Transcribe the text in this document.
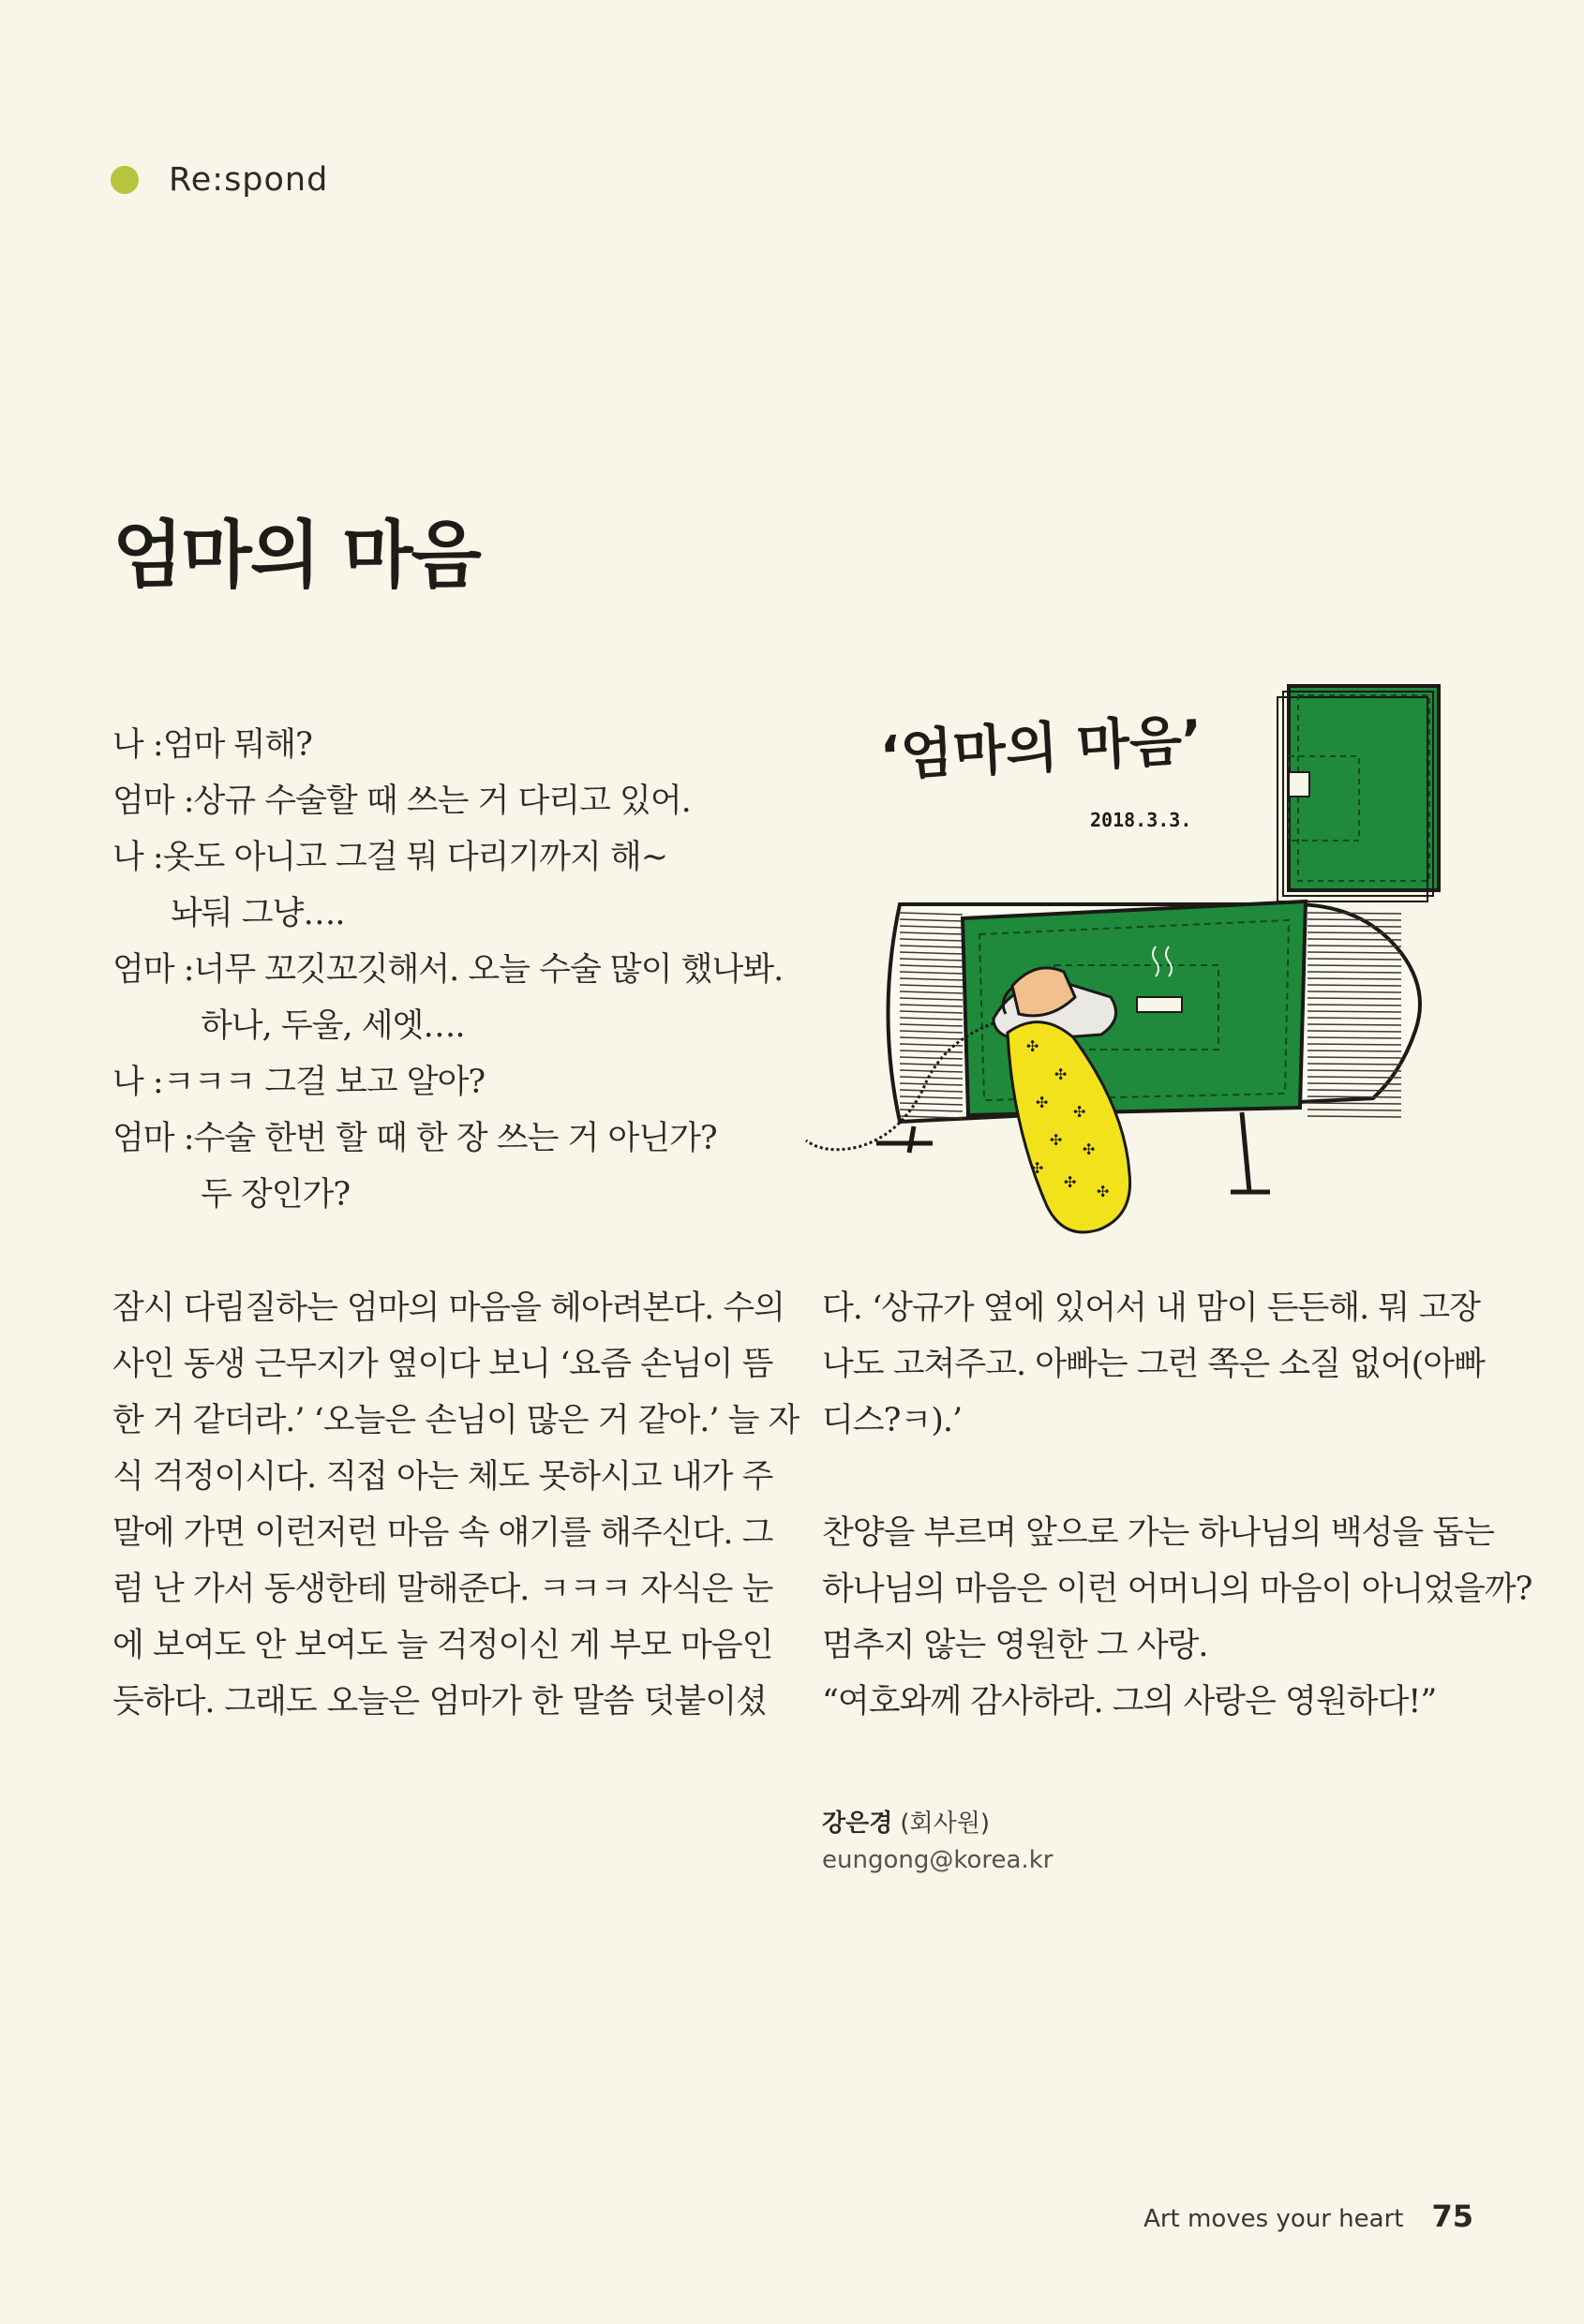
Re:spond
엄마의 마음
나 : 엄마 뭐해?
엄마 : 상규 수술할 때 쓰는 거 다리고 있어.
나 : 옷도 아니고 그걸 뭐 다리기까지 해~
놔둬 그냥….
엄마 : 너무 꼬깃꼬깃해서. 오늘 수술 많이 했나봐.
하나, 두울, 세엣….
나 : ㅋㅋㅋ 그걸 보고 알아?
엄마 : 수술 한번 할 때 한 장 쓰는 거 아닌가?
두 장인가?
‘엄마의 마음’
2018.3.3.
✣
✣
✣
✣
✣
✣
✣
✣
✣
잠시 다림질하는 엄마의 마음을 헤아려본다. 수의
사인 동생 근무지가 옆이다 보니 ‘요즘 손님이 뜸
한 거 같더라.’ ‘오늘은 손님이 많은 거 같아.’ 늘 자
식 걱정이시다. 직접 아는 체도 못하시고 내가 주
말에 가면 이런저런 마음 속 얘기를 해주신다. 그
럼 난 가서 동생한테 말해준다. ㅋㅋㅋ 자식은 눈
에 보여도 안 보여도 늘 걱정이신 게 부모 마음인
듯하다. 그래도 오늘은 엄마가 한 말씀 덧붙이셨
다. ‘상규가 옆에 있어서 내 맘이 든든해. 뭐 고장
나도 고쳐주고. 아빠는 그런 쪽은 소질 없어(아빠
디스?ㅋ).’
찬양을 부르며 앞으로 가는 하나님의 백성을 돕는
하나님의 마음은 이런 어머니의 마음이 아니었을까?
멈추지 않는 영원한 그 사랑.
“여호와께 감사하라. 그의 사랑은 영원하다!”
강은경 (회사원)
eungong@korea.kr
Art moves your heart 75
